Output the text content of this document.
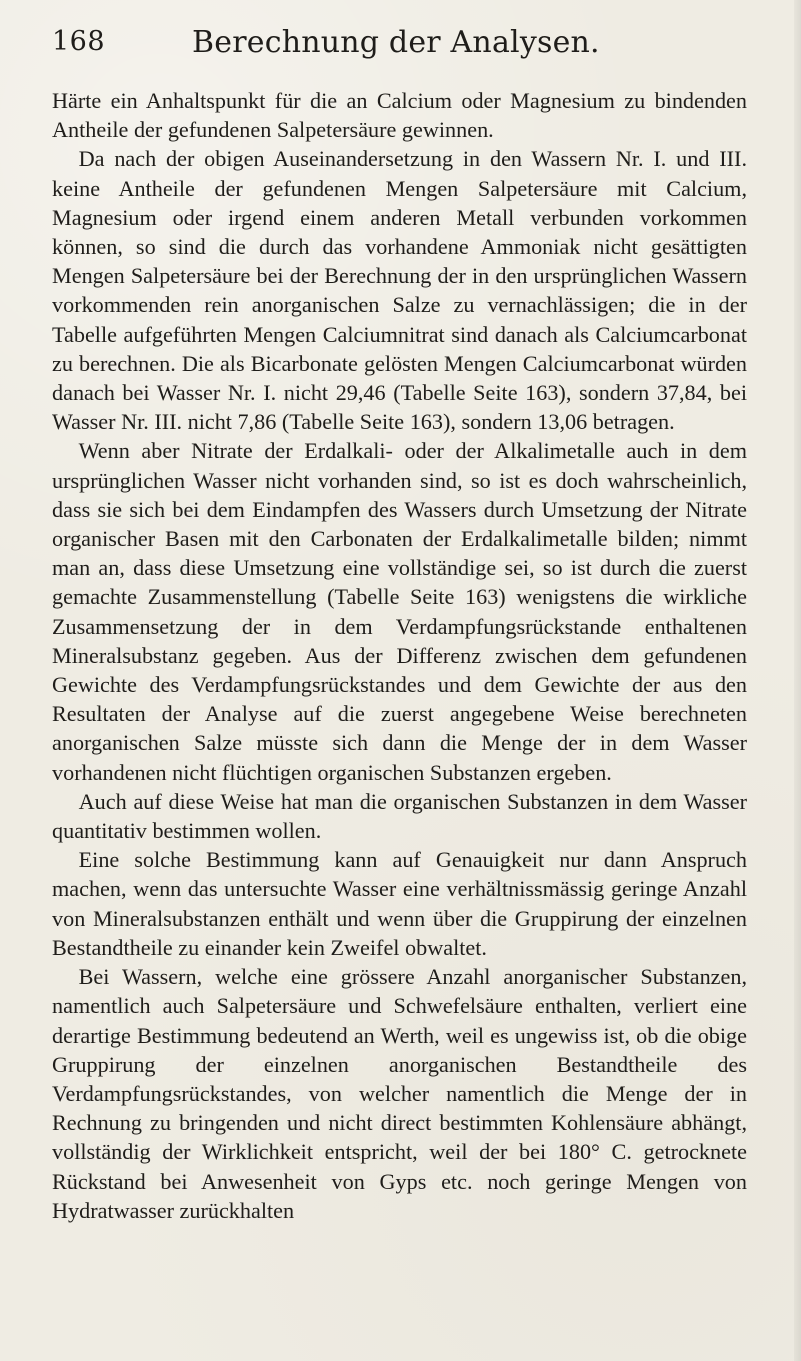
168	Berechnung der Analysen.

Härte ein Anhaltspunkt für die an Calcium oder Magnesium zu bindenden Antheile der gefundenen Salpetersäure gewinnen.

Da nach der obigen Auseinandersetzung in den Wassern Nr. I. und III. keine Antheile der gefundenen Mengen Salpetersäure mit Calcium, Magnesium oder irgend einem anderen Metall verbunden vorkommen können, so sind die durch das vorhandene Ammoniak nicht gesättigten Mengen Salpetersäure bei der Berechnung der in den ursprünglichen Wassern vorkommenden rein anorganischen Salze zu vernachlässigen; die in der Tabelle aufgeführten Mengen Calciumnitrat sind danach als Calciumcarbonat zu berechnen. Die als Bicarbonate gelösten Mengen Calciumcarbonat würden danach bei Wasser Nr. I. nicht 29,46 (Tabelle Seite 163), sondern 37,84, bei Wasser Nr. III. nicht 7,86 (Tabelle Seite 163), sondern 13,06 betragen.

Wenn aber Nitrate der Erdalkali- oder der Alkalimetalle auch in dem ursprünglichen Wasser nicht vorhanden sind, so ist es doch wahrscheinlich, dass sie sich bei dem Eindampfen des Wassers durch Umsetzung der Nitrate organischer Basen mit den Carbonaten der Erdalkalimetalle bilden; nimmt man an, dass diese Umsetzung eine vollständige sei, so ist durch die zuerst gemachte Zusammenstellung (Tabelle Seite 163) wenigstens die wirkliche Zusammensetzung der in dem Verdampfungsrückstande enthaltenen Mineralsubstanz gegeben. Aus der Differenz zwischen dem gefundenen Gewichte des Verdampfungsrückstandes und dem Gewichte der aus den Resultaten der Analyse auf die zuerst angegebene Weise berechneten anorganischen Salze müsste sich dann die Menge der in dem Wasser vorhandenen nicht flüchtigen organischen Substanzen ergeben.

Auch auf diese Weise hat man die organischen Substanzen in dem Wasser quantitativ bestimmen wollen.

Eine solche Bestimmung kann auf Genauigkeit nur dann Anspruch machen, wenn das untersuchte Wasser eine verhältnissmässig geringe Anzahl von Mineralsubstanzen enthält und wenn über die Gruppirung der einzelnen Bestandtheile zu einander kein Zweifel obwaltet.

Bei Wassern, welche eine grössere Anzahl anorganischer Substanzen, namentlich auch Salpetersäure und Schwefelsäure enthalten, verliert eine derartige Bestimmung bedeutend an Werth, weil es ungewiss ist, ob die obige Gruppirung der einzelnen anorganischen Bestandtheile des Verdampfungsrückstandes, von welcher namentlich die Menge der in Rechnung zu bringenden und nicht direct bestimmten Kohlensäure abhängt, vollständig der Wirklichkeit entspricht, weil der bei 180° C. getrocknete Rückstand bei Anwesenheit von Gyps etc. noch geringe Mengen von Hydratwasser zurückhalten
